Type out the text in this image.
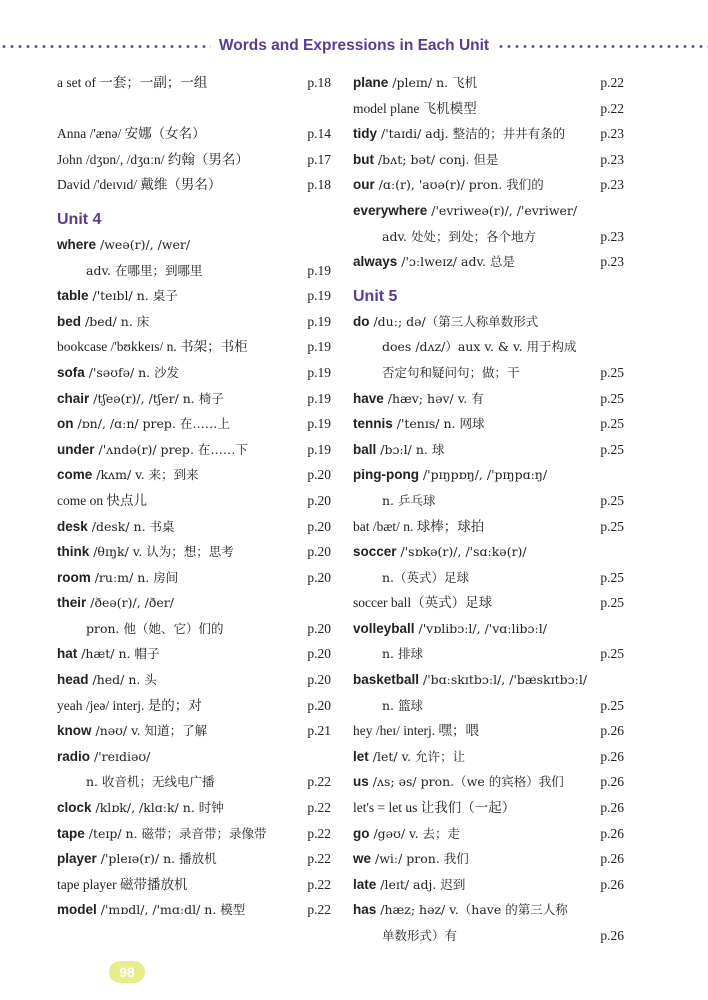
Words and Expressions in Each Unit
a set of 一套；一副；一组	p.18
Anna /'ænə/ 安娜（女名）	p.14
John /dʒɒn/, /dʒɑːn/ 约翰（男名）	p.17
David /'deɪvɪd/ 戴维（男名）	p.18
Unit 4
where /weə(r)/, /wer/
adv. 在哪里；到哪里	p.19
table /'teɪbl/ n. 桌子	p.19
bed /bed/ n. 床	p.19
bookcase /'bʊkkeɪs/ n. 书架；书柜	p.19
sofa /'səʊfə/ n. 沙发	p.19
chair /tʃeə(r)/, /tʃer/ n. 椅子	p.19
on /ɒn/, /ɑːn/ prep. 在……上	p.19
under /'ʌndə(r)/ prep. 在……下	p.19
come /kʌm/ v. 来；到来	p.20
come on 快点儿	p.20
desk /desk/ n. 书桌	p.20
think /θɪŋk/ v. 认为；想；思考	p.20
room /ruːm/ n. 房间	p.20
their /ðeə(r)/, /ðer/
pron. 他（她、它）们的	p.20
hat /hæt/ n. 帽子	p.20
head /hed/ n. 头	p.20
yeah /jeə/ interj. 是的；对	p.20
know /nəʊ/ v. 知道；了解	p.21
radio /'reɪdiəʊ/
n. 收音机；无线电广播	p.22
clock /klɒk/, /klɑːk/ n. 时钟	p.22
tape /teɪp/ n. 磁带；录音带；录像带	p.22
player /'pleɪə(r)/ n. 播放机	p.22
tape player 磁带播放机	p.22
model /'mɒdl/, /'mɑːdl/ n. 模型	p.22
plane /pleɪn/ n. 飞机	p.22
model plane 飞机模型	p.22
tidy /'taɪdi/ adj. 整洁的；井井有条的	p.23
but /bʌt; bət/ conj. 但是	p.23
our /ɑː(r), 'aʊə(r)/ pron. 我们的	p.23
everywhere /'evriweə(r)/, /'evriwer/
adv. 处处；到处；各个地方	p.23
always /'ɔːlweɪz/ adv. 总是	p.23
Unit 5
do /duː; də/（第三人称单数形式
does /dʌz/）aux v. & v. 用于构成
否定句和疑问句；做；干	p.25
have /hæv; həv/ v. 有	p.25
tennis /'tenɪs/ n. 网球	p.25
ball /bɔːl/ n. 球	p.25
ping-pong /'pɪŋpɒŋ/, /'pɪŋpɑːŋ/
n. 乒乓球	p.25
bat /bæt/ n. 球棒；球拍	p.25
soccer /'sɒkə(r)/, /'sɑːkə(r)/
n.（英式）足球	p.25
soccer ball（英式）足球	p.25
volleyball /'vɒlibɔːl/, /'vɑːlibɔːl/
n. 排球	p.25
basketball /'bɑːskɪtbɔːl/, /'bæskɪtbɔːl/
n. 篮球	p.25
hey /heɪ/ interj. 嘿；喂	p.26
let /let/ v. 允许；让	p.26
us /ʌs; əs/ pron.（we 的宾格）我们	p.26
let's = let us 让我们（一起）	p.26
go /gəʊ/ v. 去；走	p.26
we /wiː/ pron. 我们	p.26
late /leɪt/ adj. 迟到	p.26
has /hæz; həz/ v.（have 的第三人称
单数形式）有	p.26
98
